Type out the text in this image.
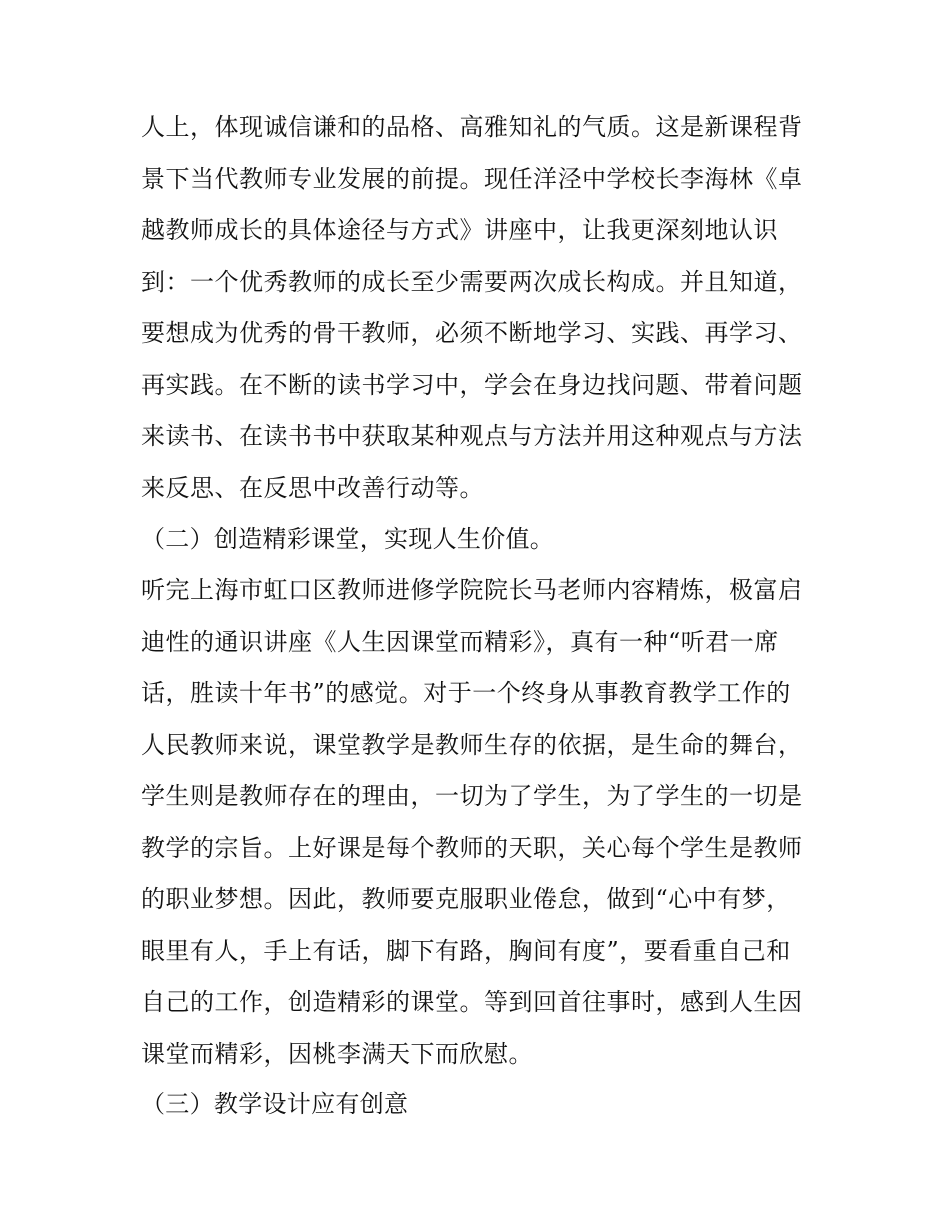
人上，体现诚信谦和的品格、高雅知礼的气质。这是新课程背
景下当代教师专业发展的前提。现任洋泾中学校长李海林《卓
越教师成长的具体途径与方式》讲座中，让我更深刻地认识
到：一个优秀教师的成长至少需要两次成长构成。并且知道，
要想成为优秀的骨干教师，必须不断地学习、实践、再学习、
再实践。在不断的读书学习中，学会在身边找问题、带着问题
来读书、在读书书中获取某种观点与方法并用这种观点与方法
来反思、在反思中改善行动等。
（二）创造精彩课堂，实现人生价值。
听完上海市虹口区教师进修学院院长马老师内容精炼，极富启
迪性的通识讲座《人生因课堂而精彩》，真有一种“听君一席
话，胜读十年书”的感觉。对于一个终身从事教育教学工作的
人民教师来说，课堂教学是教师生存的依据，是生命的舞台，
学生则是教师存在的理由，一切为了学生，为了学生的一切是
教学的宗旨。上好课是每个教师的天职，关心每个学生是教师
的职业梦想。因此，教师要克服职业倦怠，做到“心中有梦，
眼里有人，手上有话，脚下有路，胸间有度”，要看重自己和
自己的工作，创造精彩的课堂。等到回首往事时，感到人生因
课堂而精彩，因桃李满天下而欣慰。
（三）教学设计应有创意
